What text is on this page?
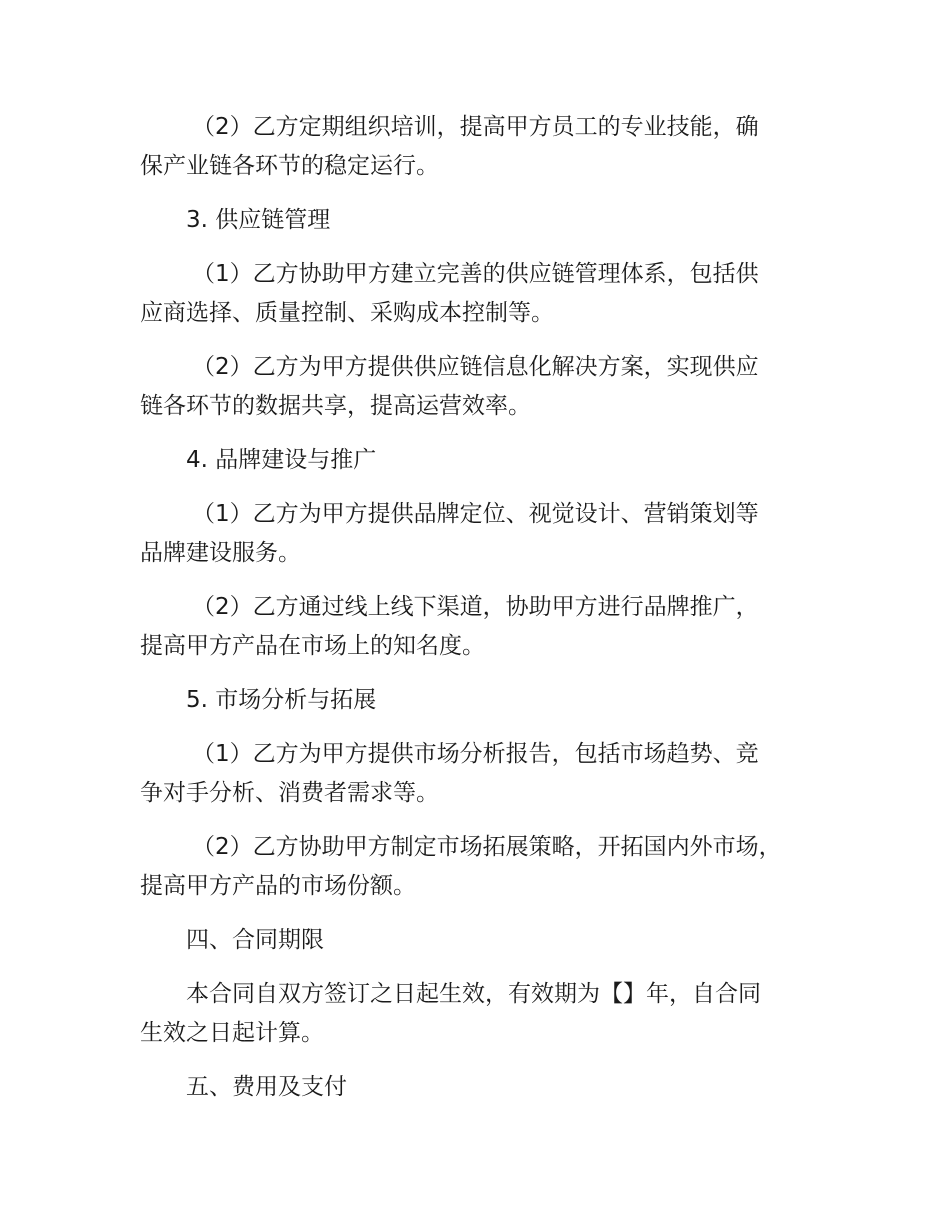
（2）乙方定期组织培训，提高甲方员工的专业技能，确
保产业链各环节的稳定运行。

3. 供应链管理

（1）乙方协助甲方建立完善的供应链管理体系，包括供
应商选择、质量控制、采购成本控制等。

（2）乙方为甲方提供供应链信息化解决方案，实现供应
链各环节的数据共享，提高运营效率。

4. 品牌建设与推广

（1）乙方为甲方提供品牌定位、视觉设计、营销策划等
品牌建设服务。

（2）乙方通过线上线下渠道，协助甲方进行品牌推广，
提高甲方产品在市场上的知名度。

5. 市场分析与拓展

（1）乙方为甲方提供市场分析报告，包括市场趋势、竞
争对手分析、消费者需求等。

（2）乙方协助甲方制定市场拓展策略，开拓国内外市场，
提高甲方产品的市场份额。

四、合同期限

本合同自双方签订之日起生效，有效期为【】年，自合同
生效之日起计算。

五、费用及支付
